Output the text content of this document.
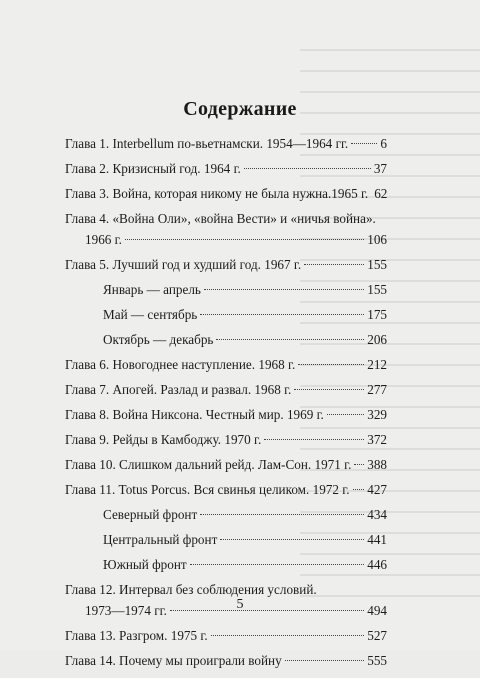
Содержание
Глава 1. Interbellum по-вьетнамски. 1954—1964 гг. 6
Глава 2. Кризисный год. 1964 г.	37
Глава 3. Война, которая никому не была нужна.1965 г. 62
Глава 4. «Война Оли», «война Вести» и «ничья война».
1966 г.	106
Глава 5. Лучший год и худший год. 1967 г.	155
Январь — апрель	155
Май — сентябрь	175
Октябрь — декабрь	206
Глава 6. Новогоднее наступление. 1968 г.	212
Глава 7. Апогей. Разлад и развал. 1968 г.	277
Глава 8. Война Никсона. Честный мир. 1969 г.	329
Глава 9. Рейды в Камбоджу. 1970 г.	372
Глава 10. Слишком дальний рейд. Лам-Сон. 1971 г. 388
Глава 11. Totus Porcus. Вся свинья целиком. 1972 г. 427
Северный фронт	434
Центральный фронт	441
Южный фронт	446
Глава 12. Интервал без соблюдения условий.
1973—1974 гг.	494
Глава 13. Разгром. 1975 г.	527
Глава 14. Почему мы проиграли войну	555
5
